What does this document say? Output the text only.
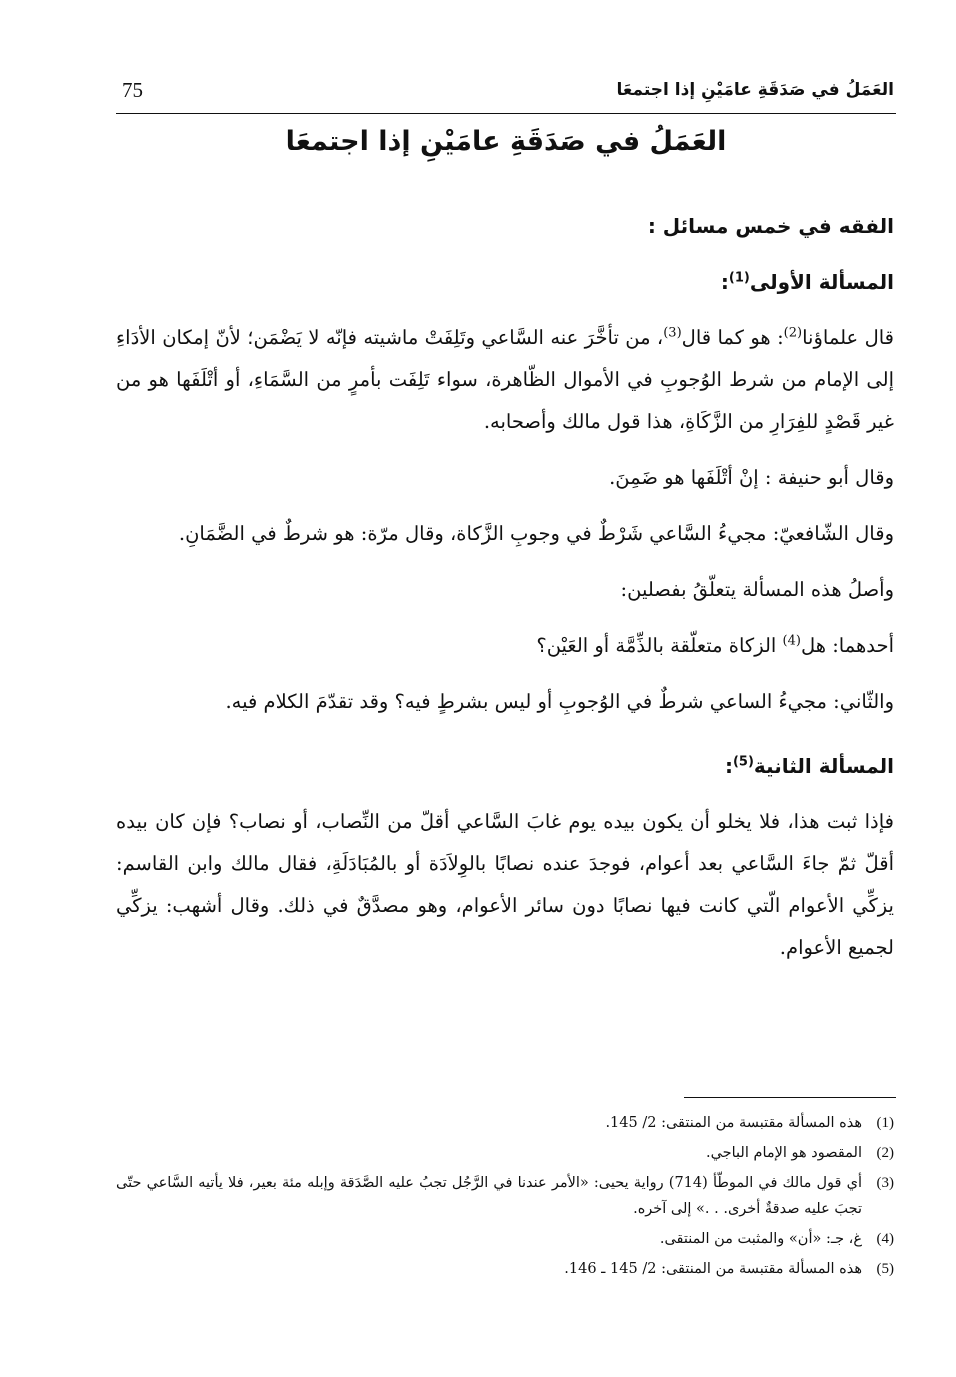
العَمَلُ في صَدَقَةِ عامَيْنِ إذا اجتمعَا
75
العَمَلُ في صَدَقَةِ عامَيْنِ إذا اجتمعَا

الفقه في خمس مسائل :

المسألة الأولى$^{(1)}$:

قال علماؤنا$^{(2)}$: هو كما قال$^{(3)}$، من تأخَّرَ عنه السَّاعي وتَلِفَتْ ماشيته فإنّه لا يَضْمَن؛ لأنّ إمكان الأدَاءِ إلى الإمام من شرط الوُجوبِ في الأموال الظّاهرة، سواء تَلِفَت بأمرٍ من السَّمَاءِ، أو أتْلَفَها هو من غير قَصْدٍ للفِرَارِ من الزَّكَاةِ، هذا قول مالك وأصحابه.

وقال أبو حنيفة : إنْ أتْلَفَها هو ضَمِنَ.

وقال الشّافعيّ: مجيءُ السَّاعي شَرْطٌ في وجوبِ الزَّكاة، وقال مرّة: هو شرطٌ في الضَّمَانِ.

وأصلُ هذه المسألة يتعلّقُ بفصلين:

أحدهما: هل$^{(4)}$ الزكاة متعلّقة بالذِّمَّة أو العَيْن؟

والثّاني: مجيءُ الساعي شرطٌ في الوُجوبِ أو ليس بشرطٍ فيه؟ وقد تقدّمَ الكلام فيه.

المسألة الثانية$^{(5)}$:

فإذا ثبت هذا، فلا يخلو أن يكون بيده يوم غابَ السَّاعي أقلّ من النِّصاب، أو نصاب؟ فإن كان بيده أقلّ ثمّ جاءَ السَّاعي بعد أعوام، فوجدَ عنده نصابًا بالوِلاَدَة أو بالمُبَادَلَةِ، فقال مالك وابن القاسم: يزكِّي الأعوام الّتي كانت فيها نصابًا دون سائر الأعوام، وهو مصدَّقٌ في ذلك. وقال أشهب: يزكِّي لجميع الأعوام.

(1)
هذه المسألة مقتبسة من المنتقى: 2/ 145.
(2)
المقصود هو الإمام الباجي.
(3)
أي قول مالك في الموطّأ (714) رواية يحيى: «الأمر عندنا في الرَّجُل تجبُ عليه الصَّدَقة وإبله مئة بعير، فلا يأتيه السَّاعي حتّى تجبَ عليه صدقةٌ أخرى. . .» إلى آخره.
(4)
غ، جـ: «أن» والمثبت من المنتقى.
(5)
هذه المسألة مقتبسة من المنتقى: 2/ 145 ـ 146.
